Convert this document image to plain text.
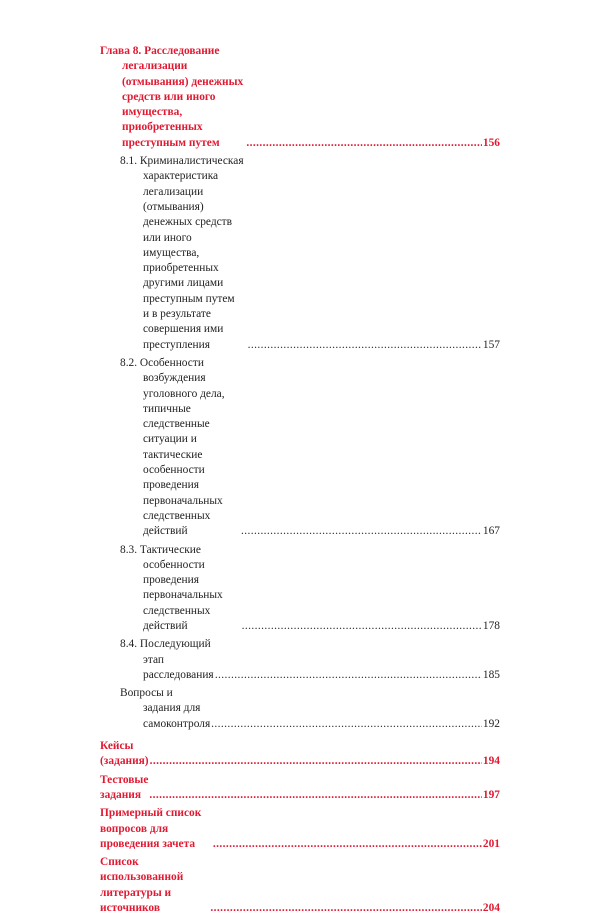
Глава 8. Расследование легализации (отмывания) денежных
средств или иного имущества, приобретенных преступным путем .....	156
8.1. Криминалистическая характеристика легализации
(отмывания) денежных средств или иного имущества,
приобретенных другими лицами преступным путем
и в результате совершения ими преступления .....	157
8.2. Особенности возбуждения уголовного дела, типичные
следственные ситуации и тактические особенности
проведения первоначальных следственных действий .....	167
8.3. Тактические особенности проведения первоначальных
следственных действий .....	178
8.4. Последующий этап расследования .....	185
Вопросы и задания для самоконтроля .....	192
Кейсы (задания) .....	194
Тестовые задания .....	197
Примерный список вопросов для проведения зачета .....	201
Список использованной литературы и источников .....	204
